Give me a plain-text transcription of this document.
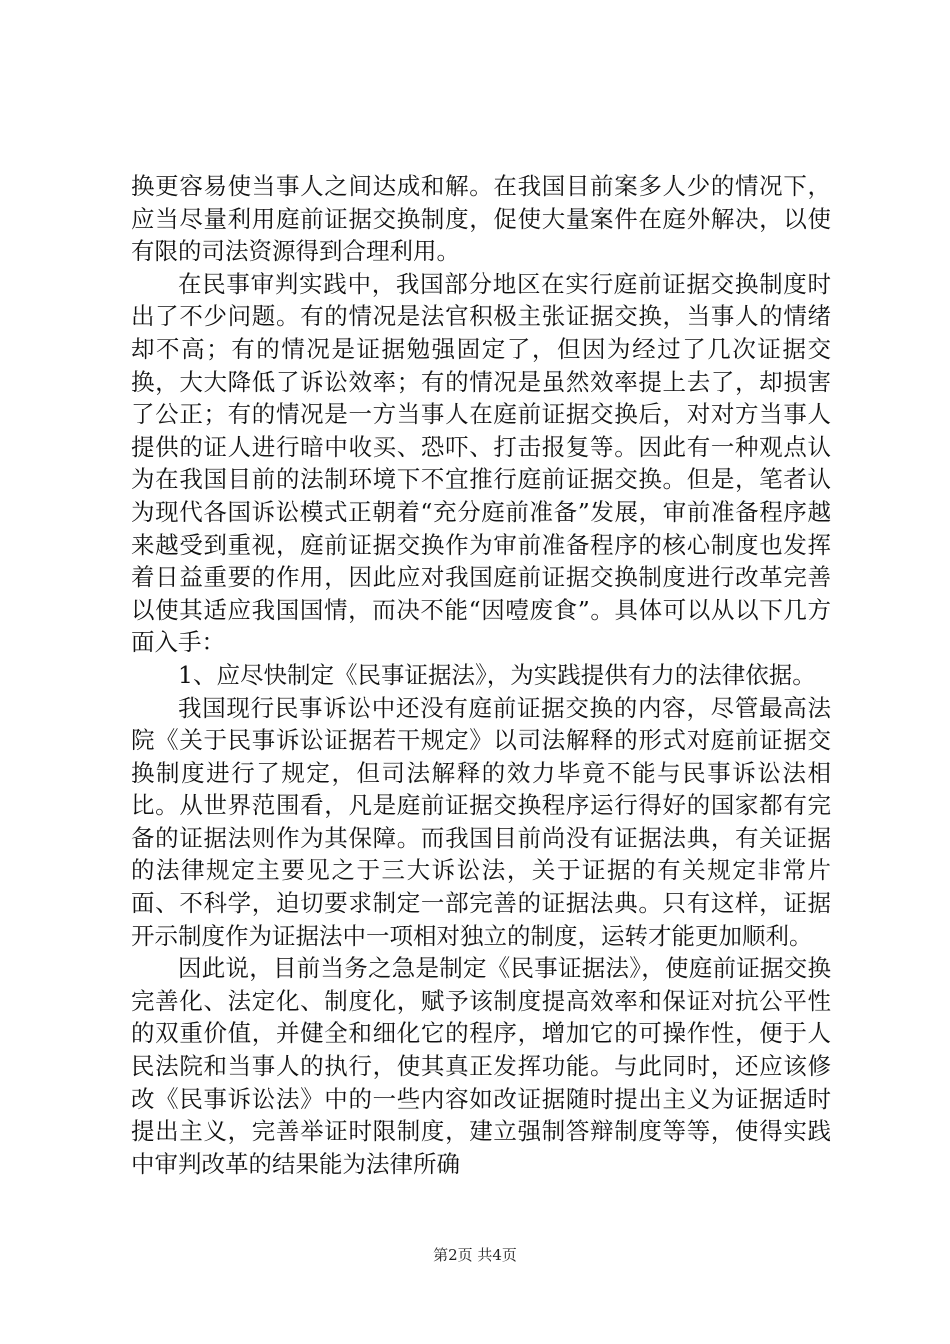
换更容易使当事人之间达成和解。在我国目前案多人少的情况下，应当尽量利用庭前证据交换制度，促使大量案件在庭外解决，以使有限的司法资源得到合理利用。

在民事审判实践中，我国部分地区在实行庭前证据交换制度时出了不少问题。有的情况是法官积极主张证据交换，当事人的情绪却不高；有的情况是证据勉强固定了，但因为经过了几次证据交换，大大降低了诉讼效率；有的情况是虽然效率提上去了，却损害了公正；有的情况是一方当事人在庭前证据交换后，对对方当事人提供的证人进行暗中收买、恐吓、打击报复等。因此有一种观点认为在我国目前的法制环境下不宜推行庭前证据交换。但是，笔者认为现代各国诉讼模式正朝着“充分庭前准备”发展，审前准备程序越来越受到重视，庭前证据交换作为审前准备程序的核心制度也发挥着日益重要的作用，因此应对我国庭前证据交换制度进行改革完善以使其适应我国国情，而决不能“因噎废食”。具体可以从以下几方面入手：

1、应尽快制定《民事证据法》，为实践提供有力的法律依据。

我国现行民事诉讼中还没有庭前证据交换的内容，尽管最高法院《关于民事诉讼证据若干规定》以司法解释的形式对庭前证据交换制度进行了规定，但司法解释的效力毕竟不能与民事诉讼法相比。从世界范围看，凡是庭前证据交换程序运行得好的国家都有完备的证据法则作为其保障。而我国目前尚没有证据法典，有关证据的法律规定主要见之于三大诉讼法，关于证据的有关规定非常片面、不科学，迫切要求制定一部完善的证据法典。只有这样，证据开示制度作为证据法中一项相对独立的制度，运转才能更加顺利。

因此说，目前当务之急是制定《民事证据法》，使庭前证据交换完善化、法定化、制度化，赋予该制度提高效率和保证对抗公平性的双重价值，并健全和细化它的程序，增加它的可操作性，便于人民法院和当事人的执行，使其真正发挥功能。与此同时，还应该修改《民事诉讼法》中的一些内容如改证据随时提出主义为证据适时提出主义，完善举证时限制度，建立强制答辩制度等等，使得实践中审判改革的结果能为法律所确

第2页 共4页
